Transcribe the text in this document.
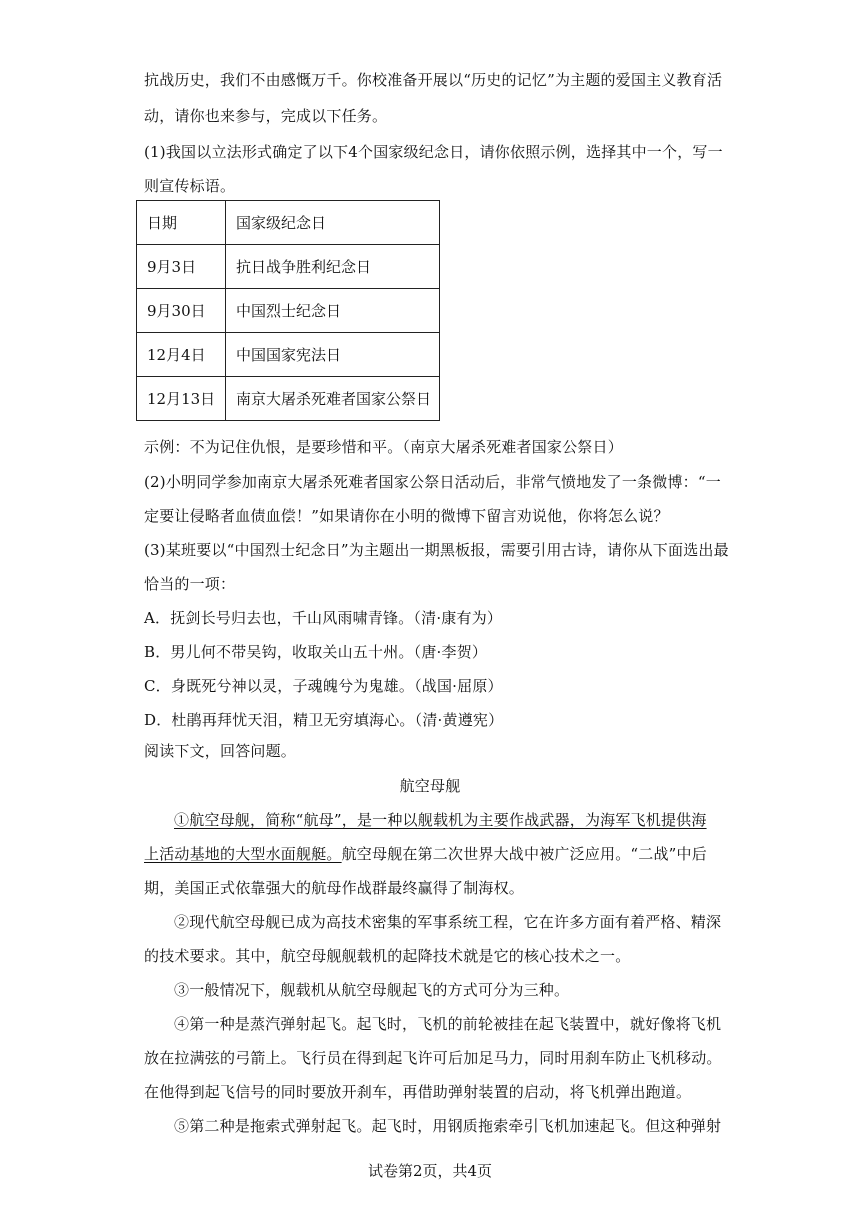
抗战历史，我们不由感慨万千。你校准备开展以“历史的记忆”为主题的爱国主义教育活
动，请你也来参与，完成以下任务。
(1)我国以立法形式确定了以下4个国家级纪念日，请你依照示例，选择其中一个，写一
则宣传标语。
日期	国家级纪念日
9月3日	抗日战争胜利纪念日
9月30日	中国烈士纪念日
12月4日	中国国家宪法日
12月13日	南京大屠杀死难者国家公祭日
示例：不为记住仇恨，是要珍惜和平。（南京大屠杀死难者国家公祭日）
(2)小明同学参加南京大屠杀死难者国家公祭日活动后，非常气愤地发了一条微博：“一
定要让侵略者血债血偿！”如果请你在小明的微博下留言劝说他，你将怎么说？
(3)某班要以“中国烈士纪念日”为主题出一期黑板报，需要引用古诗，请你从下面选出最
恰当的一项：
A．抚剑长号归去也，千山风雨啸青锋。（清·康有为）
B．男儿何不带吴钩，收取关山五十州。（唐·李贺）
C．身既死兮神以灵，子魂魄兮为鬼雄。（战国·屈原）
D．杜鹃再拜忧天泪，精卫无穷填海心。（清·黄遵宪）
阅读下文，回答问题。
航空母舰
①航空母舰，简称“航母”，是一种以舰载机为主要作战武器，为海军飞机提供海
上活动基地的大型水面舰艇。航空母舰在第二次世界大战中被广泛应用。“二战”中后
期，美国正式依靠强大的航母作战群最终赢得了制海权。
②现代航空母舰已成为高技术密集的军事系统工程，它在许多方面有着严格、精深
的技术要求。其中，航空母舰舰载机的起降技术就是它的核心技术之一。
③一般情况下，舰载机从航空母舰起飞的方式可分为三种。
④第一种是蒸汽弹射起飞。起飞时，飞机的前轮被挂在起飞装置中，就好像将飞机
放在拉满弦的弓箭上。飞行员在得到起飞许可后加足马力，同时用刹车防止飞机移动。
在他得到起飞信号的同时要放开刹车，再借助弹射装置的启动，将飞机弹出跑道。
⑤第二种是拖索式弹射起飞。起飞时，用钢质拖索牵引飞机加速起飞。但这种弹射
试卷第2页，共4页
